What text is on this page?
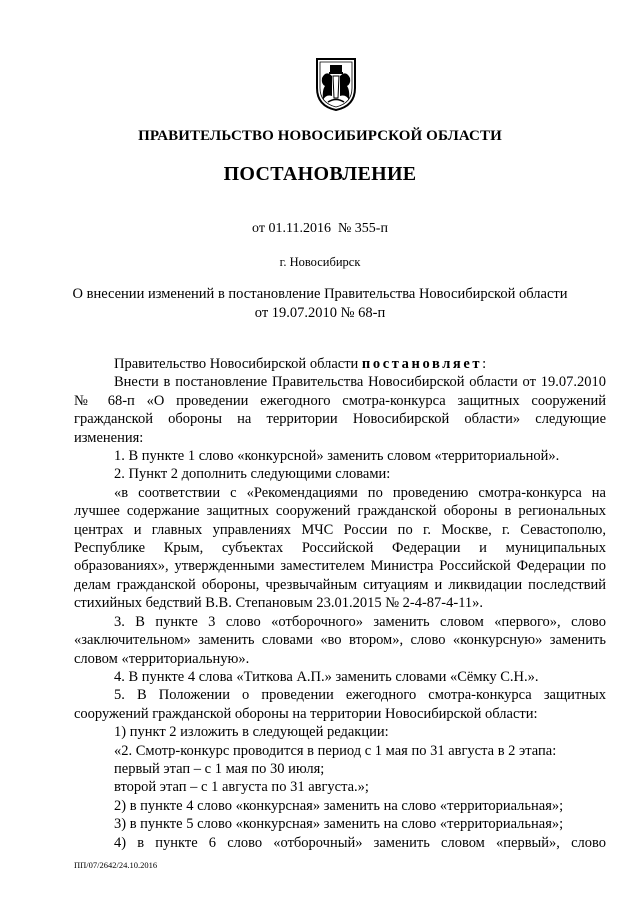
ПРАВИТЕЛЬСТВО НОВОСИБИРСКОЙ ОБЛАСТИ
ПОСТАНОВЛЕНИЕ
от 01.11.2016  № 355-п
г. Новосибирск
О внесении изменений в постановление Правительства Новосибирской области
от 19.07.2010 № 68-п

Правительство Новосибирской области постановляет:

Внести в постановление Правительства Новосибирской области от 19.07.2010 № 68-п «О проведении ежегодного смотра-конкурса защитных сооружений гражданской обороны на территории Новосибирской области» следующие изменения:

1. В пункте 1 слово «конкурсной» заменить словом «территориальной».

2. Пункт 2 дополнить следующими словами:

«в соответствии с «Рекомендациями по проведению смотра-конкурса на лучшее содержание защитных сооружений гражданской обороны в региональных центрах и главных управлениях МЧС России по г. Москве, г. Севастополю, Республике Крым, субъектах Российской Федерации и муниципальных образованиях», утвержденными заместителем Министра Российской Федерации по делам гражданской обороны, чрезвычайным ситуациям и ликвидации последствий стихийных бедствий В.В. Степановым 23.01.2015 № 2-4-87-4-11».

3. В пункте 3 слово «отборочного» заменить словом «первого», слово «заключительном» заменить словами «во втором», слово «конкурсную» заменить словом «территориальную».

4. В пункте 4 слова «Титкова А.П.» заменить словами «Сёмку С.Н.».

5. В Положении о проведении ежегодного смотра-конкурса защитных сооружений гражданской обороны на территории Новосибирской области:

1) пункт 2 изложить в следующей редакции:

«2. Смотр-конкурс проводится в период с 1 мая по 31 августа в 2 этапа:

первый этап – с 1 мая по 30 июля;

второй этап – с 1 августа по 31 августа.»;

2) в пункте 4 слово «конкурсная» заменить на слово «территориальная»;

3) в пункте 5 слово «конкурсная» заменить на слово «территориальная»;

4) в пункте 6 слово «отборочный» заменить словом «первый», слово

ПП/07/2642/24.10.2016
